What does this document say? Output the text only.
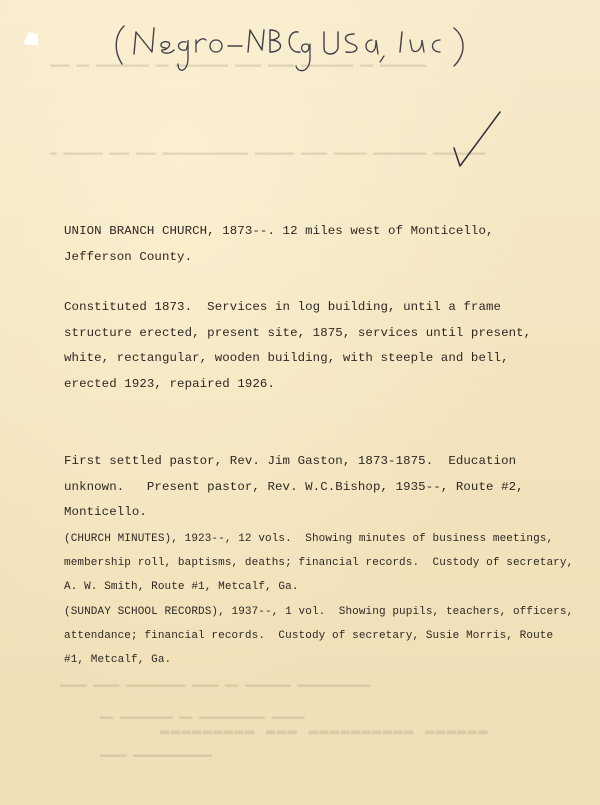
(Negro - NBC of USA, Inc)
▬▬▬ ▬▬ ▬▬▬▬▬▬▬▬ ▬▬ ▬▬▬▬▬▬▬▬ ▬▬▬▬ ▬▬▬▬ ▬▬▬▬▬▬▬▬ ▬▬ ▬▬▬▬▬▬▬
▬ ▬▬▬▬▬▬ ▬▬▬ ▬▬▬ ▬▬▬▬▬▬▬▬▬▬▬▬▬ ▬▬▬▬▬▬ ▬▬▬▬ ▬▬▬▬▬ ▬▬▬▬▬▬▬▬ ▬▬▬▬▬▬▬▬
▬▬▬▬ ▬▬▬▬ ▬▬▬▬▬▬▬▬▬ ▬▬▬▬ ▬▬ ▬▬▬▬▬▬▬ ▬▬▬▬▬▬▬▬▬▬▬
▬▬ ▬▬▬▬▬▬▬▬ ▬▬ ▬▬▬▬▬▬▬▬▬▬ ▬▬▬▬▬
▬▬▬▬▬▬▬▬▬ ▬▬▬ ▬▬▬▬▬▬▬▬▬▬ ▬▬▬▬▬▬
▬▬▬▬ ▬▬▬▬▬▬▬▬▬▬▬▬
UNION BRANCH CHURCH, 1873--. 12 miles west of Monticello,
Jefferson County.
Constituted 1873.  Services in log building, until a frame
structure erected, present site, 1875, services until present,
white, rectangular, wooden building, with steeple and bell,
erected 1923, repaired 1926.
First settled pastor, Rev. Jim Gaston, 1873-1875.  Education
unknown.   Present pastor, Rev. W.C.Bishop, 1935--, Route #2,
Monticello.
(CHURCH MINUTES), 1923--, 12 vols.  Showing minutes of business meetings,
membership roll, baptisms, deaths; financial records.  Custody of secretary,
A. W. Smith, Route #1, Metcalf, Ga.
(SUNDAY SCHOOL RECORDS), 1937--, 1 vol.  Showing pupils, teachers, officers,
attendance; financial records.  Custody of secretary, Susie Morris, Route
#1, Metcalf, Ga.
